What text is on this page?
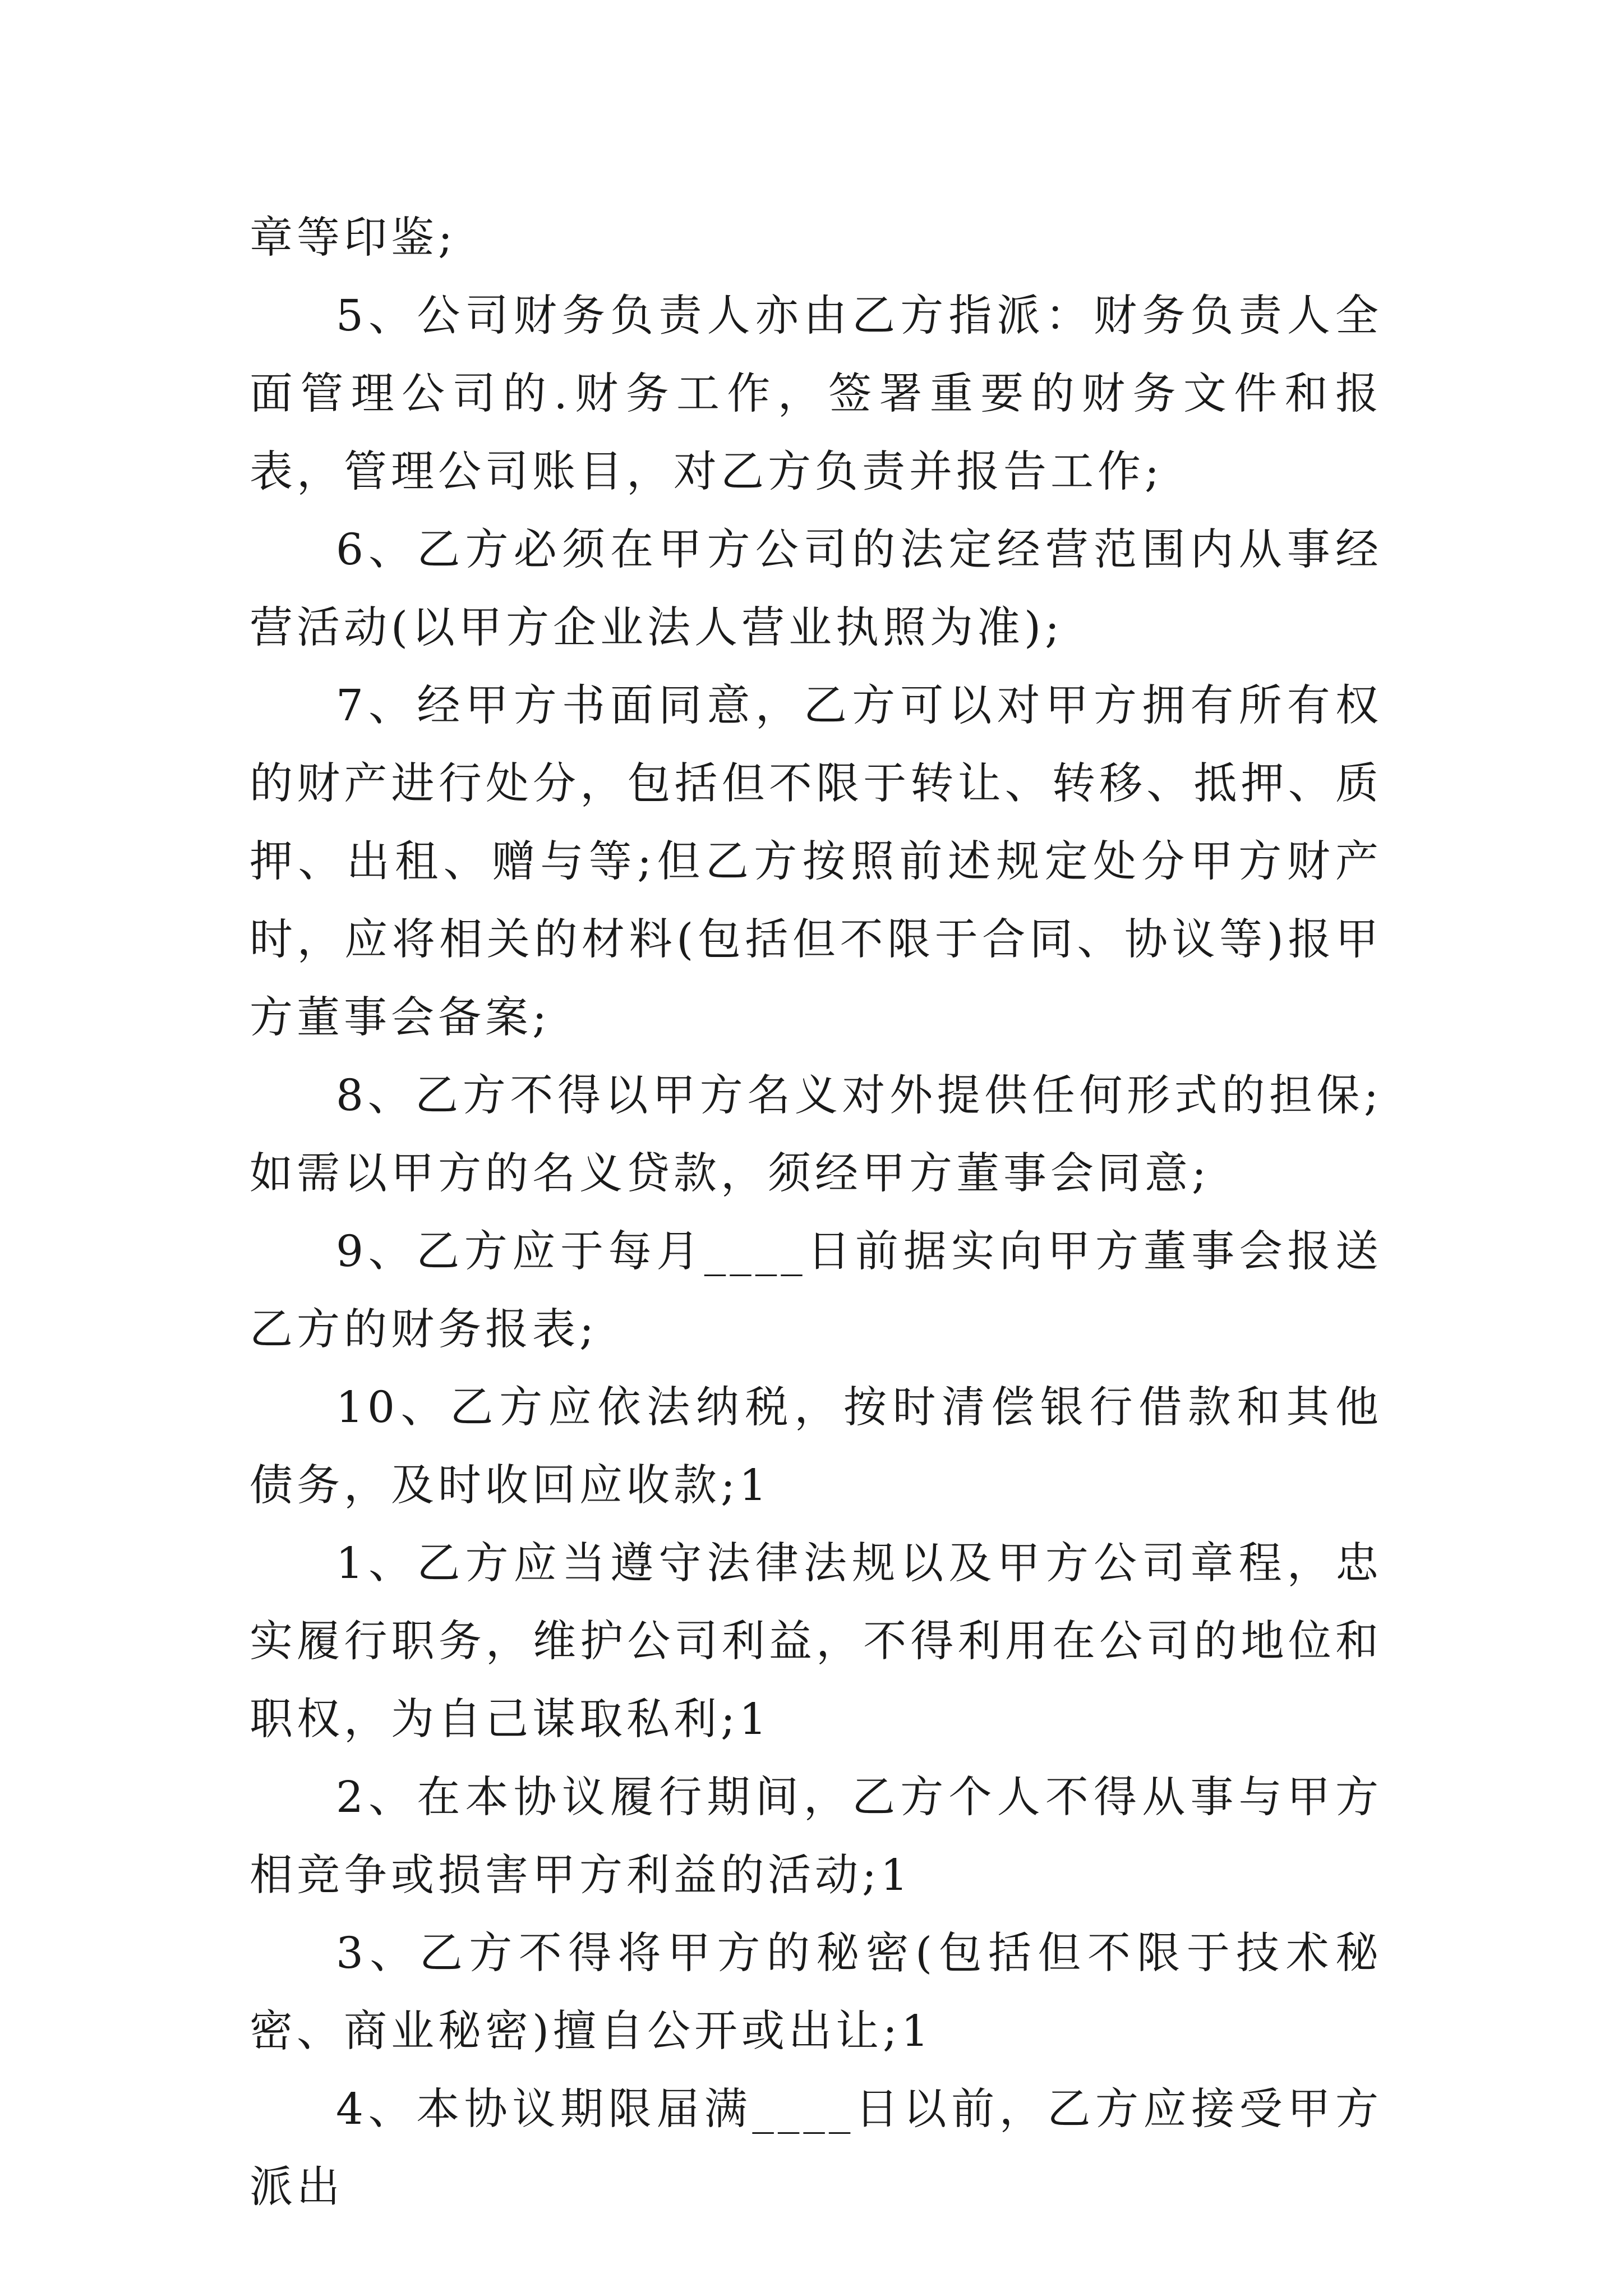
章等印鉴;

5、公司财务负责人亦由乙方指派：财务负责人全面管理公司的.财务工作，签署重要的财务文件和报表，管理公司账目，对乙方负责并报告工作;

6、乙方必须在甲方公司的法定经营范围内从事经营活动(以甲方企业法人营业执照为准);

7、经甲方书面同意，乙方可以对甲方拥有所有权的财产进行处分，包括但不限于转让、转移、抵押、质押、出租、赠与等;但乙方按照前述规定处分甲方财产时，应将相关的材料(包括但不限于合同、协议等)报甲方董事会备案;

8、乙方不得以甲方名义对外提供任何形式的担保;如需以甲方的名义贷款，须经甲方董事会同意;

9、乙方应于每月____日前据实向甲方董事会报送乙方的财务报表;

10、乙方应依法纳税，按时清偿银行借款和其他债务，及时收回应收款;1

1、乙方应当遵守法律法规以及甲方公司章程，忠实履行职务，维护公司利益，不得利用在公司的地位和职权，为自己谋取私利;1

2、在本协议履行期间，乙方个人不得从事与甲方相竞争或损害甲方利益的活动;1

3、乙方不得将甲方的秘密(包括但不限于技术秘密、商业秘密)擅自公开或出让;1

4、本协议期限届满____日以前，乙方应接受甲方派出
